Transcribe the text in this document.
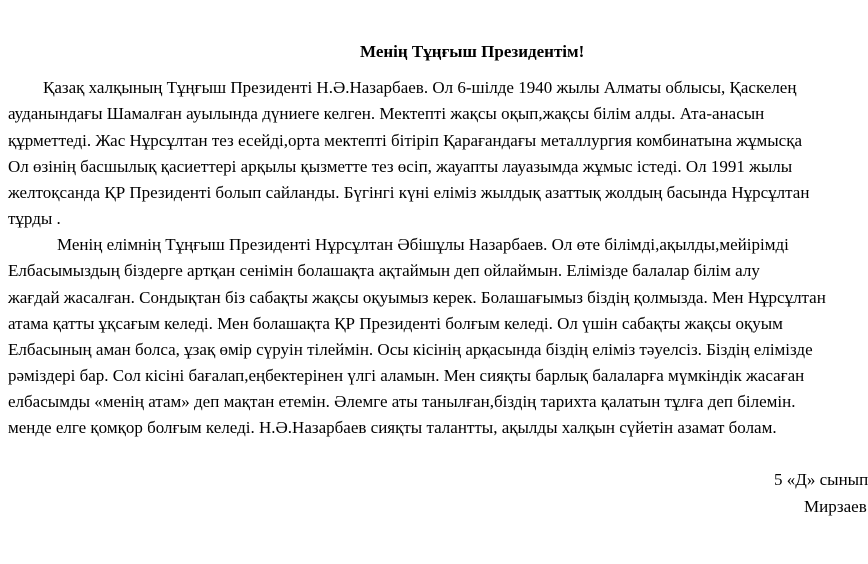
Менің Тұңғыш Президентім!
Қазақ халқының Тұңғыш Президенті Н.Ә.Назарбаев. Ол 6-шілде 1940 жылы Алматы облысы, Қаскелең
ауданындағы Шамалған ауылында дүниеге келген. Мектепті жақсы оқып,жақсы білім алды. Ата-анасын
құрметтеді. Жас Нұрсұлтан тез есейді,орта мектепті бітіріп Қарағандағы металлургия комбинатына жұмысқа
Ол өзінің басшылық қасиеттері арқылы қызметте тез өсіп, жауапты лауазымда жұмыс істеді. Ол 1991 жылы
желтоқсанда ҚР Президенті болып сайланды. Бүгінгі күні еліміз жылдық азаттық жолдың басында Нұрсұлтан
тұрды .
Менің елімнің Тұңғыш Президенті Нұрсұлтан Әбішұлы Назарбаев. Ол өте білімді,ақылды,мейірімді
Елбасымыздың біздерге артқан сенімін болашақта ақтаймын деп ойлаймын. Елімізде балалар білім алу
жағдай жасалған. Сондықтан біз сабақты жақсы оқуымыз керек. Болашағымыз біздің қолмызда. Мен Нұрсұлтан
атама қатты ұқсағым келеді. Мен болашақта ҚР Президенті болғым келеді. Ол үшін сабақты жақсы оқуым
Елбасының аман болса, ұзақ өмір сүруін тілеймін. Осы кісінің арқасында біздің еліміз тәуелсіз. Біздің елімізде
рәміздері бар. Сол кісіні бағалап,еңбектерінен үлгі аламын. Мен сияқты барлық балаларға мүмкіндік жасаған
елбасымды «менің атам» деп мақтан етемін. Әлемге аты танылған,біздің тарихта қалатын тұлға деп білемін.
менде елге қомқор болғым келеді. Н.Ә.Назарбаев сияқты талантты, ақылды халқын сүйетін азамат болам.
5 «Д» сынып
Мирзаев
